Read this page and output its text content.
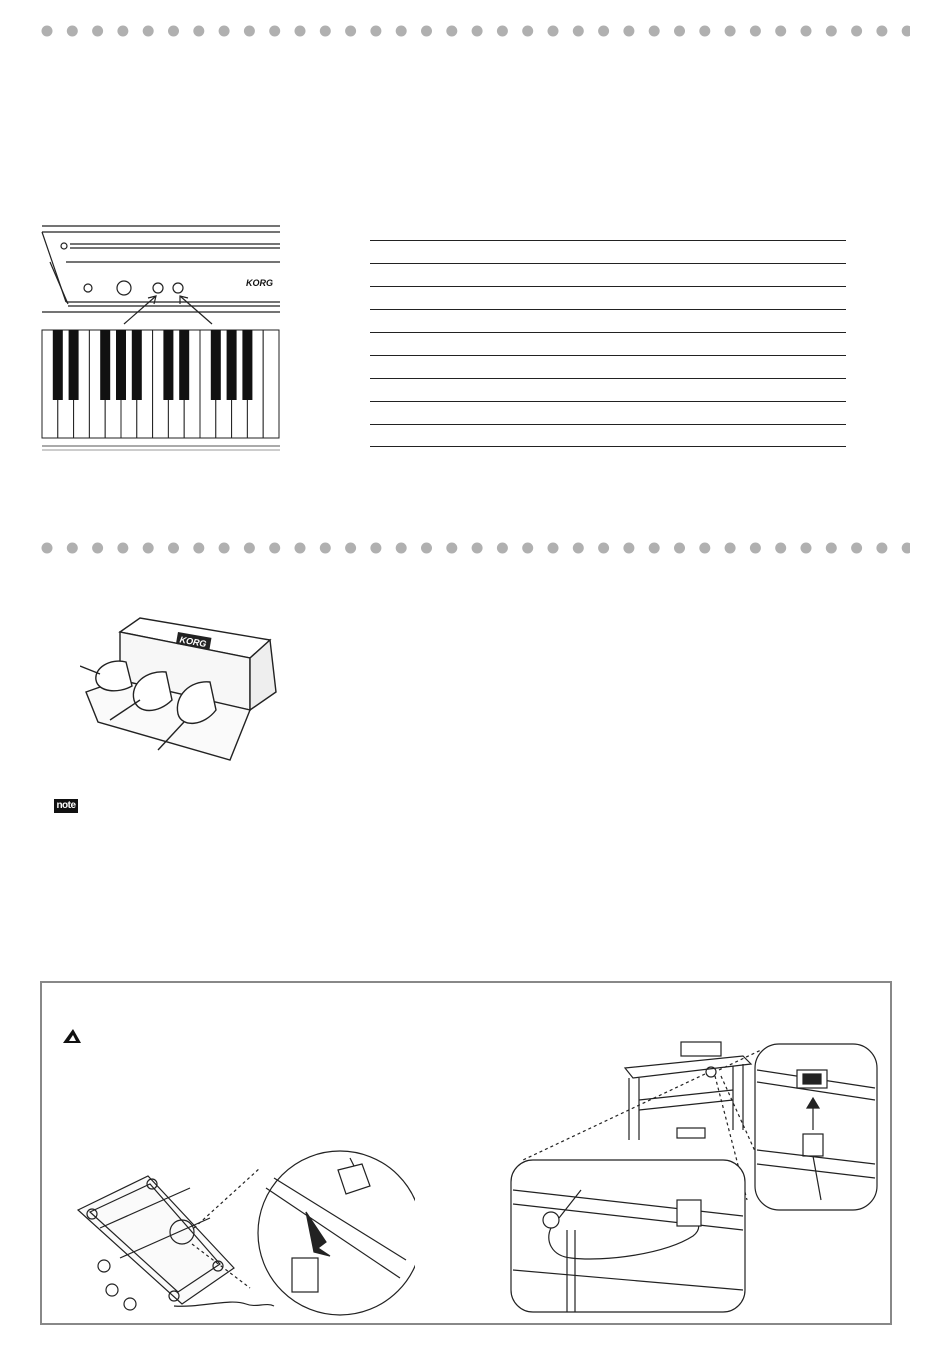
KORG
KORG
note
